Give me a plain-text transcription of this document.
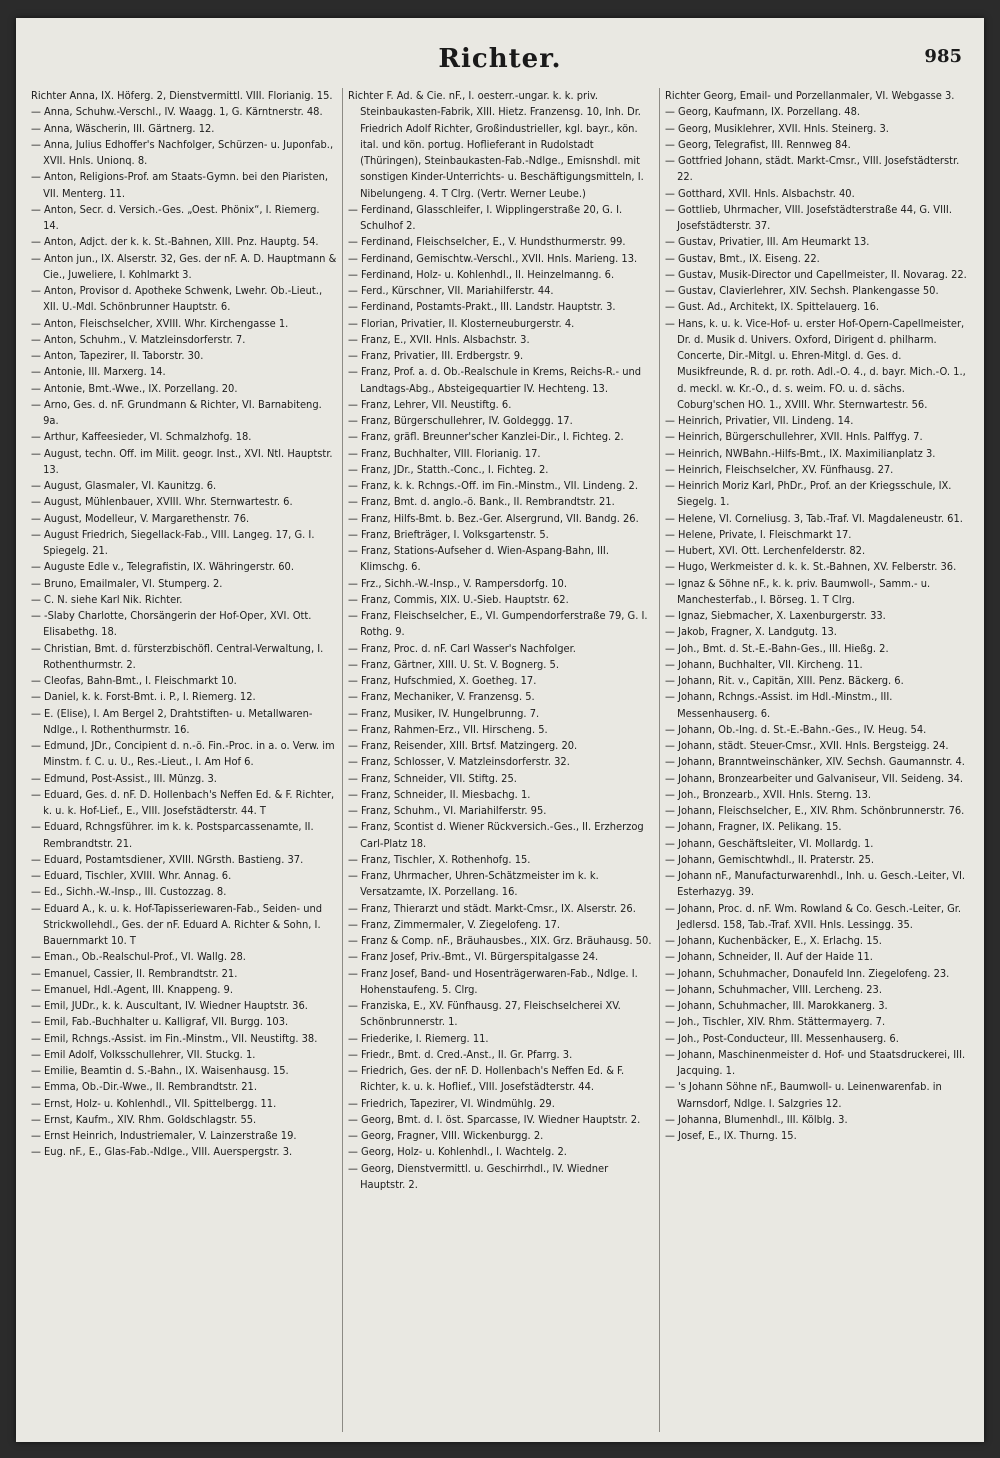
Richter.	985
Richter Anna, IX. Höferg. 2, Dienstvermittl. VIII. Florianig. 15.
— Anna, Schuhw.-Verschl., IV. Waagg. 1, G. Kärntnerstr. 48.
— Anna, Wäscherin, III. Gärtnerg. 12.
— Anna, Julius Edhoffer's Nachfolger, Schürzen- u. Juponfab., XVII. Hnls. Unionq. 8.
— Anton, Religions-Prof. am Staats-Gymn. bei den Piaristen, VII. Menterg. 11.
— Anton, Secr. d. Versich.-Ges. „Oest. Phönix“, I. Riemerg. 14.
— Anton, Adjct. der k. k. St.-Bahnen, XIII. Pnz. Hauptg. 54.
— Anton jun., IX. Alserstr. 32, Ges. der nF. A. D. Hauptmann & Cie., Juweliere, I. Kohlmarkt 3.
— Anton, Provisor d. Apotheke Schwenk, Lwehr. Ob.-Lieut., XII. U.-Mdl. Schönbrunner Hauptstr. 6.
— Anton, Fleischselcher, XVIII. Whr. Kirchengasse 1.
— Anton, Schuhm., V. Matzleinsdorferstr. 7.
— Anton, Tapezirer, II. Taborstr. 30.
— Antonie, III. Marxerg. 14.
— Antonie, Bmt.-Wwe., IX. Porzellang. 20.
— Arno, Ges. d. nF. Grundmann & Richter, VI. Barnabiteng. 9a.
— Arthur, Kaffeesieder, VI. Schmalzhofg. 18.
— August, techn. Off. im Milit. geogr. Inst., XVI. Ntl. Hauptstr. 13.
— August, Glasmaler, VI. Kaunitzg. 6.
— August, Mühlenbauer, XVIII. Whr. Sternwartestr. 6.
— August, Modelleur, V. Margarethenstr. 76.
— August Friedrich, Siegellack-Fab., VIII. Langeg. 17, G. I. Spiegelg. 21.
— Auguste Edle v., Telegrafistin, IX. Währingerstr. 60.
— Bruno, Emailmaler, VI. Stumperg. 2.
— C. N. siehe Karl Nik. Richter.
— -Slaby Charlotte, Chorsängerin der Hof-Oper, XVI. Ott. Elisabethg. 18.
— Christian, Bmt. d. fürsterzbischöfl. Central-Verwaltung, I. Rothenthurmstr. 2.
— Cleofas, Bahn-Bmt., I. Fleischmarkt 10.
— Daniel, k. k. Forst-Bmt. i. P., I. Riemerg. 12.
— E. (Elise), I. Am Bergel 2, Drahtstiften- u. Metallwaren-Ndlge., I. Rothenthurmstr. 16.
— Edmund, JDr., Concipient d. n.-ö. Fin.-Proc. in a. o. Verw. im Minstm. f. C. u. U., Res.-Lieut., I. Am Hof 6.
— Edmund, Post-Assist., III. Münzg. 3.
— Eduard, Ges. d. nF. D. Hollenbach's Neffen Ed. & F. Richter, k. u. k. Hof-Lief., E., VIII. Josefstädterstr. 44. T
— Eduard, Rchngsführer. im k. k. Postsparcassenamte, II. Rembrandtstr. 21.
— Eduard, Postamtsdiener, XVIII. NGrsth. Bastieng. 37.
— Eduard, Tischler, XVIII. Whr. Annag. 6.
— Ed., Sichh.-W.-Insp., III. Custozzag. 8.
— Eduard A., k. u. k. Hof-Tapisseriewaren-Fab., Seiden- und Strickwollehdl., Ges. der nF. Eduard A. Richter & Sohn, I. Bauernmarkt 10. T
— Eman., Ob.-Realschul-Prof., VI. Wallg. 28.
— Emanuel, Cassier, II. Rembrandtstr. 21.
— Emanuel, Hdl.-Agent, III. Knappeng. 9.
— Emil, JUDr., k. k. Auscultant, IV. Wiedner Hauptstr. 36.
— Emil, Fab.-Buchhalter u. Kalligraf, VII. Burgg. 103.
— Emil, Rchngs.-Assist. im Fin.-Minstm., VII. Neustiftg. 38.
— Emil Adolf, Volksschullehrer, VII. Stuckg. 1.
— Emilie, Beamtin d. S.-Bahn., IX. Waisenhausg. 15.
— Emma, Ob.-Dir.-Wwe., II. Rembrandtstr. 21.
— Ernst, Holz- u. Kohlenhdl., VII. Spittelbergg. 11.
— Ernst, Kaufm., XIV. Rhm. Goldschlagstr. 55.
— Ernst Heinrich, Industriemaler, V. Lainzerstraße 19.
— Eug. nF., E., Glas-Fab.-Ndlge., VIII. Auerspergstr. 3.
Richter F. Ad. & Cie. nF., I. oesterr.-ungar. k. k. priv. Steinbaukasten-Fabrik, XIII. Hietz. Franzensg. 10, Inh. Dr. Friedrich Adolf Richter, Großindustrieller, kgl. bayr., kön. ital. und kön. portug. Hoflieferant in Rudolstadt (Thüringen), Steinbaukasten-Fab.-Ndlge., Emisnshdl. mit sonstigen Kinder-Unterrichts- u. Beschäftigungsmitteln, I. Nibelungeng. 4. T Clrg. (Vertr. Werner Leube.)
— Ferdinand, Glasschleifer, I. Wipplingerstraße 20, G. I. Schulhof 2.
— Ferdinand, Fleischselcher, E., V. Hundsthurmerstr. 99.
— Ferdinand, Gemischtw.-Verschl., XVII. Hnls. Marieng. 13.
— Ferdinand, Holz- u. Kohlenhdl., II. Heinzelmanng. 6.
— Ferd., Kürschner, VII. Mariahilferstr. 44.
— Ferdinand, Postamts-Prakt., III. Landstr. Hauptstr. 3.
— Florian, Privatier, II. Klosterneuburgerstr. 4.
— Franz, E., XVII. Hnls. Alsbachstr. 3.
— Franz, Privatier, III. Erdbergstr. 9.
— Franz, Prof. a. d. Ob.-Realschule in Krems, Reichs-R.- und Landtags-Abg., Absteigequartier IV. Hechteng. 13.
— Franz, Lehrer, VII. Neustiftg. 6.
— Franz, Bürgerschullehrer, IV. Goldeggg. 17.
— Franz, gräfl. Breunner'scher Kanzlei-Dir., I. Fichteg. 2.
— Franz, Buchhalter, VIII. Florianig. 17.
— Franz, JDr., Statth.-Conc., I. Fichteg. 2.
— Franz, k. k. Rchngs.-Off. im Fin.-Minstm., VII. Lindeng. 2.
— Franz, Bmt. d. anglo.-ö. Bank., II. Rembrandtstr. 21.
— Franz, Hilfs-Bmt. b. Bez.-Ger. Alsergrund, VII. Bandg. 26.
— Franz, Briefträger, I. Volksgartenstr. 5.
— Franz, Stations-Aufseher d. Wien-Aspang-Bahn, III. Klimschg. 6.
— Frz., Sichh.-W.-Insp., V. Rampersdorfg. 10.
— Franz, Commis, XIX. U.-Sieb. Hauptstr. 62.
— Franz, Fleischselcher, E., VI. Gumpendorferstraße 79, G. I. Rothg. 9.
— Franz, Proc. d. nF. Carl Wasser's Nachfolger.
— Franz, Gärtner, XIII. U. St. V. Bognerg. 5.
— Franz, Hufschmied, X. Goetheg. 17.
— Franz, Mechaniker, V. Franzensg. 5.
— Franz, Musiker, IV. Hungelbrunng. 7.
— Franz, Rahmen-Erz., VII. Hirscheng. 5.
— Franz, Reisender, XIII. Brtsf. Matzingerg. 20.
— Franz, Schlosser, V. Matzleinsdorferstr. 32.
— Franz, Schneider, VII. Stiftg. 25.
— Franz, Schneider, II. Miesbachg. 1.
— Franz, Schuhm., VI. Mariahilferstr. 95.
— Franz, Scontist d. Wiener Rückversich.-Ges., II. Erzherzog Carl-Platz 18.
— Franz, Tischler, X. Rothenhofg. 15.
— Franz, Uhrmacher, Uhren-Schätzmeister im k. k. Versatzamte, IX. Porzellang. 16.
— Franz, Thierarzt und städt. Markt-Cmsr., IX. Alserstr. 26.
— Franz, Zimmermaler, V. Ziegelofeng. 17.
— Franz & Comp. nF., Bräuhausbes., XIX. Grz. Bräuhausg. 50.
— Franz Josef, Priv.-Bmt., VI. Bürgerspitalgasse 24.
— Franz Josef, Band- und Hosenträgerwaren-Fab., Ndlge. I. Hohenstaufeng. 5. Clrg.
— Franziska, E., XV. Fünfhausg. 27, Fleischselcherei XV. Schönbrunnerstr. 1.
— Friederike, I. Riemerg. 11.
— Friedr., Bmt. d. Cred.-Anst., II. Gr. Pfarrg. 3.
— Friedrich, Ges. der nF. D. Hollenbach's Neffen Ed. & F. Richter, k. u. k. Hoflief., VIII. Josefstädterstr. 44.
— Friedrich, Tapezirer, VI. Windmühlg. 29.
— Georg, Bmt. d. I. öst. Sparcasse, IV. Wiedner Hauptstr. 2.
— Georg, Fragner, VIII. Wickenburgg. 2.
— Georg, Holz- u. Kohlenhdl., I. Wachtelg. 2.
— Georg, Dienstvermittl. u. Geschirrhdl., IV. Wiedner Hauptstr. 2.
Richter Georg, Email- und Porzellanmaler, VI. Webgasse 3.
— Georg, Kaufmann, IX. Porzellang. 48.
— Georg, Musiklehrer, XVII. Hnls. Steinerg. 3.
— Georg, Telegrafist, III. Rennweg 84.
— Gottfried Johann, städt. Markt-Cmsr., VIII. Josefstädterstr. 22.
— Gotthard, XVII. Hnls. Alsbachstr. 40.
— Gottlieb, Uhrmacher, VIII. Josefstädterstraße 44, G. VIII. Josefstädterstr. 37.
— Gustav, Privatier, III. Am Heumarkt 13.
— Gustav, Bmt., IX. Eiseng. 22.
— Gustav, Musik-Director und Capellmeister, II. Novarag. 22.
— Gustav, Clavierlehrer, XIV. Sechsh. Plankengasse 50.
— Gust. Ad., Architekt, IX. Spittelauerg. 16.
— Hans, k. u. k. Vice-Hof- u. erster Hof-Opern-Capellmeister, Dr. d. Musik d. Univers. Oxford, Dirigent d. philharm. Concerte, Dir.-Mitgl. u. Ehren-Mitgl. d. Ges. d. Musikfreunde, R. d. pr. roth. Adl.-O. 4., d. bayr. Mich.-O. 1., d. meckl. w. Kr.-O., d. s. weim. FO. u. d. sächs. Coburg'schen HO. 1., XVIII. Whr. Sternwartestr. 56.
— Heinrich, Privatier, VII. Lindeng. 14.
— Heinrich, Bürgerschullehrer, XVII. Hnls. Palffyg. 7.
— Heinrich, NWBahn.-Hilfs-Bmt., IX. Maximilianplatz 3.
— Heinrich, Fleischselcher, XV. Fünfhausg. 27.
— Heinrich Moriz Karl, PhDr., Prof. an der Kriegsschule, IX. Siegelg. 1.
— Helene, VI. Corneliusg. 3, Tab.-Traf. VI. Magdaleneustr. 61.
— Helene, Private, I. Fleischmarkt 17.
— Hubert, XVI. Ott. Lerchenfelderstr. 82.
— Hugo, Werkmeister d. k. k. St.-Bahnen, XV. Felberstr. 36.
— Ignaz & Söhne nF., k. k. priv. Baumwoll-, Samm.- u. Manchesterfab., I. Börseg. 1. T Clrg.
— Ignaz, Siebmacher, X. Laxenburgerstr. 33.
— Jakob, Fragner, X. Landgutg. 13.
— Joh., Bmt. d. St.-E.-Bahn-Ges., III. Hießg. 2.
— Johann, Buchhalter, VII. Kircheng. 11.
— Johann, Rit. v., Capitän, XIII. Penz. Bäckerg. 6.
— Johann, Rchngs.-Assist. im Hdl.-Minstm., III. Messenhauserg. 6.
— Johann, Ob.-Ing. d. St.-E.-Bahn.-Ges., IV. Heug. 54.
— Johann, städt. Steuer-Cmsr., XVII. Hnls. Bergsteigg. 24.
— Johann, Branntweinschänker, XIV. Sechsh. Gaumannstr. 4.
— Johann, Bronzearbeiter und Galvaniseur, VII. Seideng. 34.
— Joh., Bronzearb., XVII. Hnls. Sterng. 13.
— Johann, Fleischselcher, E., XIV. Rhm. Schönbrunnerstr. 76.
— Johann, Fragner, IX. Pelikang. 15.
— Johann, Geschäftsleiter, VI. Mollardg. 1.
— Johann, Gemischtwhdl., II. Praterstr. 25.
— Johann nF., Manufacturwarenhdl., Inh. u. Gesch.-Leiter, VI. Esterhazyg. 39.
— Johann, Proc. d. nF. Wm. Rowland & Co. Gesch.-Leiter, Gr. Jedlersd. 158, Tab.-Traf. XVII. Hnls. Lessingg. 35.
— Johann, Kuchenbäcker, E., X. Erlachg. 15.
— Johann, Schneider, II. Auf der Haide 11.
— Johann, Schuhmacher, Donaufeld Inn. Ziegelofeng. 23.
— Johann, Schuhmacher, VIII. Lercheng. 23.
— Johann, Schuhmacher, III. Marokkanerg. 3.
— Joh., Tischler, XIV. Rhm. Stättermayerg. 7.
— Joh., Post-Conducteur, III. Messenhauserg. 6.
— Johann, Maschinenmeister d. Hof- und Staatsdruckerei, III. Jacquing. 1.
— 's Johann Söhne nF., Baumwoll- u. Leinenwarenfab. in Warnsdorf, Ndlge. I. Salzgries 12.
— Johanna, Blumenhdl., III. Kölblg. 3.
— Josef, E., IX. Thurng. 15.
